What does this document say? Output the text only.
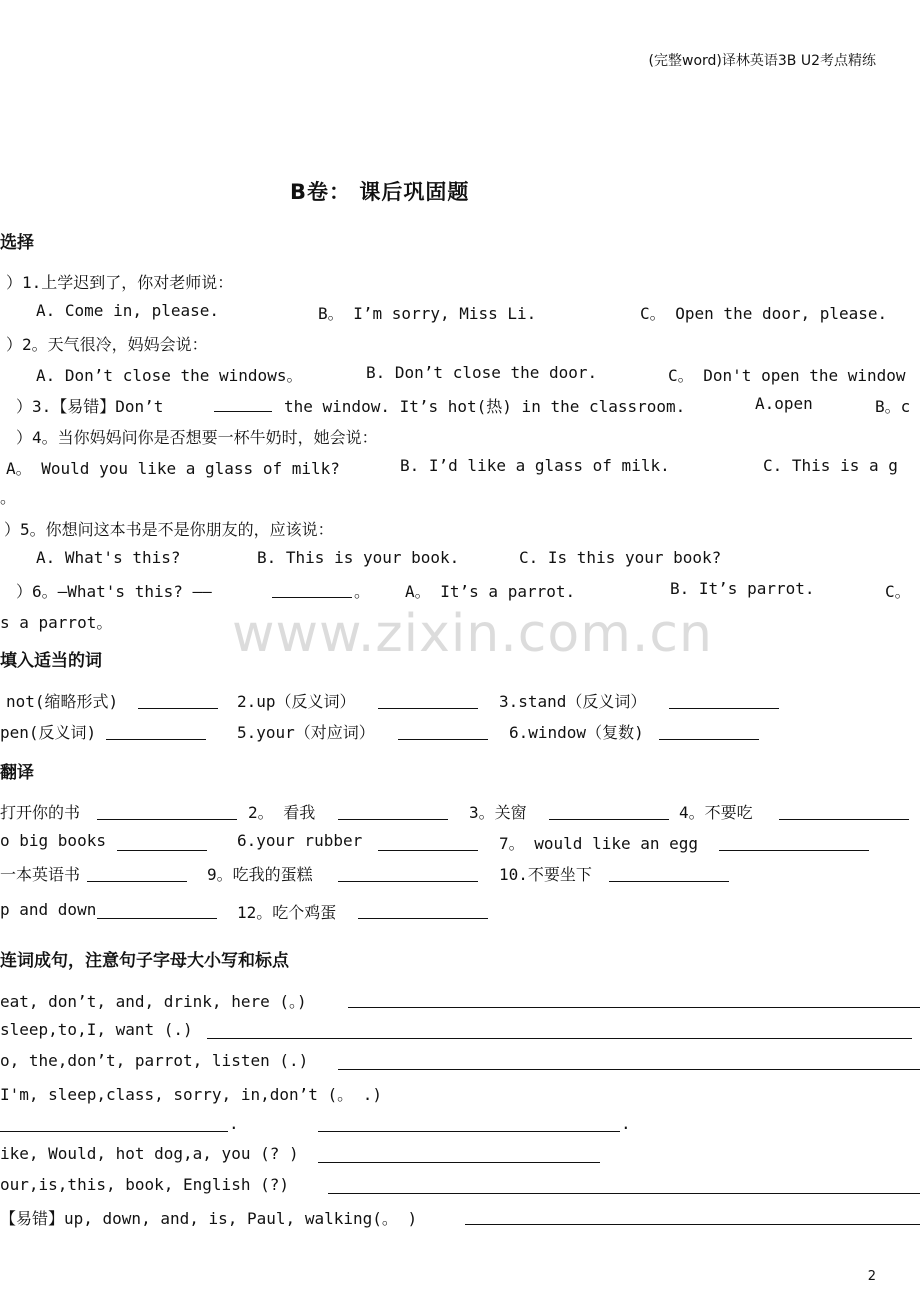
(完整word)译林英语3B U2考点精练
B卷： 课后巩固题
选择
）1.上学迟到了，你对老师说：
A. Come in, please.	B。 I’m sorry, Miss Li.	C。 Open the door, please.
）2。天气很冷，妈妈会说：
A. Don’t close the windows。	B. Don’t close the door.	C。 Don't open the window
）3.【易错】Don’t	the window. It’s hot(热) in the classroom.	A.open	B。c
）4。当你妈妈问你是否想要一杯牛奶时，她会说：
A。 Would you like a glass of milk?	B. I’d like a glass of milk.	C. This is a g
。
）5。你想问这本书是不是你朋友的，应该说：
A. What's this?	B. This is your book.	C. Is this your book?
）6。–What's this? ——	。 A。 It’s a parrot.	B. It’s parrot.	C。
s a parrot。 www.zixin.com.cn
填入适当的词
not(缩略形式)	2.up（反义词）	3.stand（反义词）
pen(反义词)	5.your（对应词）	6.window（复数)
翻译
打开你的书	2。 看我	3。关窗	4。不要吃
o big books	6.your rubber	7。 would like an egg
一本英语书	9。吃我的蛋糕	10.不要坐下
p and down	12。吃个鸡蛋
连词成句，注意句子字母大小写和标点
eat, don’t, and, drink, here (。)
sleep,to,I, want (.)
o, the,don’t, parrot, listen (.)
I'm, sleep,class, sorry, in,don’t (。 .)
.	.
ike, Would, hot dog,a, you (? )
our,is,this, book, English (?)
【易错】up, down, and, is, Paul, walking(。 )
2
